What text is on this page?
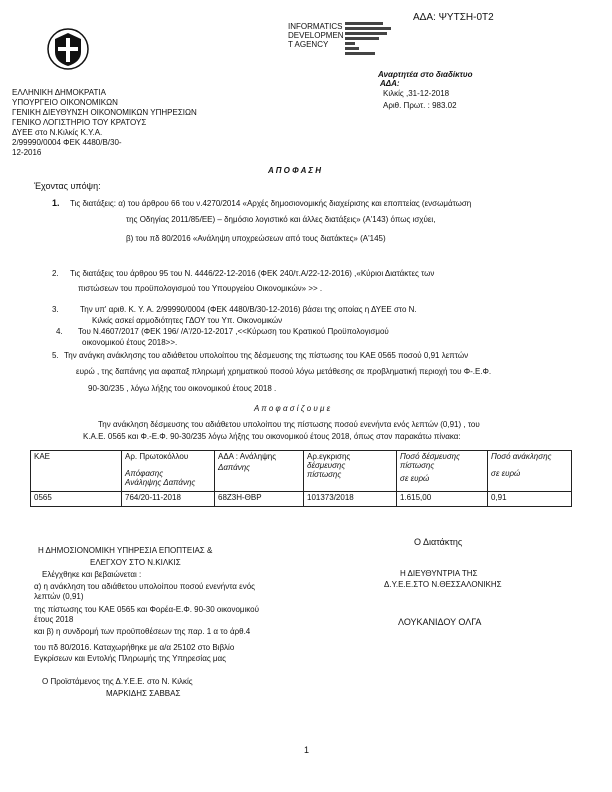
ΑΔΑ: ΨΥΤΣΗ-0Τ2
INFORMATICS
DEVELOPMEN
T AGENCY
Αναρτητέα στο διαδίκτυο
ΑΔΑ:
Κιλκίς ,31-12-2018
Αριθ. Πρωτ. : 983.02
ΕΛΛΗΝΙΚΗ ΔΗΜΟΚΡΑΤΙΑ
ΥΠΟΥΡΓΕΙΟ ΟΙΚΟΝΟΜΙΚΩΝ
ΓΕΝΙΚΗ ΔΙΕΥΘΥΝΣΗ ΟΙΚΟΝΟΜΙΚΩΝ ΥΠΗΡΕΣΙΩΝ
ΓΕΝΙΚΟ ΛΟΓΙΣΤΗΡΙΟ ΤΟΥ ΚΡΑΤΟΥΣ
ΔΥΕΕ στο Ν.Κιλκίς Κ.Υ.Α.
2/99990/0004 ΦΕΚ 4480/Β/30-
12-2016
Α Π Ο Φ Α Σ Η
Έχοντας υπόψη:
1. Τις διατάξεις: α) του άρθρου 66 του ν.4270/2014 «Αρχές δημοσιονομικής διαχείρισης και εποπτείας (ενσωμάτωση
της Οδηγίας 2011/85/ΕΕ) – δημόσιο λογιστικό και άλλες διατάξεις» (Α'143) όπως ισχύει,
β) του πδ 80/2016 «Ανάληψη υποχρεώσεων από τους διατάκτες» (Α'145)
2. Τις διατάξεις του άρθρου 95 του Ν. 4446/22-12-2016 (ΦΕΚ 240/τ.Α/22-12-2016) ,«Κύριοι Διατάκτες των
πιστώσεων του προϋπολογισμού του Υπουργείου Οικονομικών» >> .
3.	Την υπ' αριθ. Κ. Υ. Α. 2/99990/0004 (ΦΕΚ 4480/Β/30-12-2016) βάσει της οποίας η ΔΥΕΕ στο Ν.
Κιλκίς ασκεί αρμοδιότητες ΓΔΟΥ του Υπ. Οικονομικών
4. Του Ν.4607/2017 (ΦΕΚ 196/ /Α'/20-12-2017 ,<<Κύρωση του Κρατικού Προϋπολογισμού
οικονομικού έτους 2018>>.
5. Την ανάγκη ανάκλησης του αδιάθετου υπολοίπου της δέσμευσης της πίστωσης του ΚΑΕ 0565 ποσού 0,91 λεπτών
ευρώ , της δαπάνης για αφαπαξ πληρωμή χρηματικού ποσού λόγω μετάθεσης σε προβληματική περιοχή του Φ-.Ε.Φ.
90-30/235 , λόγω λήξης του οικονομικού έτους 2018 .
Α π ο φ α σ ί ζ ο υ μ ε
Την ανάκληση δέσμευσης του αδιάθετου υπολοίπου της πίστωσης ποσού ενενήντα ενός λεπτών (0,91) , του
Κ.Α.Ε. 0565 και Φ.-Ε.Φ. 90-30/235 λόγω λήξης του οικονομικού έτους 2018, όπως στον παρακάτω πίνακα:
ΚΑΕ	Αρ. Πρωτοκόλλου
Απόφασης
Ανάληψης Δαπάνης	ΑΔΑ : Ανάληψης
Δαπάνης	Αρ.εγκρισης
δέσμευσης
πίστωσης	Ποσό δέσμευσης
πίστωσης
σε ευρώ	Ποσό ανάκλησης
σε ευρώ

0565	764/20-11-2018	68Ζ3Η-ΘΒΡ	101373/2018	1.615,00	0,91
Ο Διατάκτης
Η ΔΙΕΥΘΥΝΤΡΙΑ ΤΗΣ
Δ.Υ.Ε.Ε.ΣΤΟ Ν.ΘΕΣΣΑΛΟΝΙΚΗΣ
ΛΟΥΚΑΝΙΔΟΥ ΟΛΓΑ
Η ΔΗΜΟΣΙΟΝΟΜΙΚΗ ΥΠΗΡΕΣΙΑ ΕΠΟΠΤΕΙΑΣ &
ΕΛΕΓΧΟΥ ΣΤΟ Ν.ΚΙΛΚΙΣ
Ελέγχθηκε και βεβαιώνεται :
α) η ανάκληση του αδιάθετου υπολοίπου ποσού ενενήντα ενός
λεπτών (0,91)
της πίστωσης του ΚΑΕ 0565 και Φορέα-Ε.Φ. 90-30 οικονομικού
έτους 2018
και β) η συνδρομή των προϋποθέσεων της παρ. 1 α το άρθ.4
του πδ 80/2016. Καταχωρήθηκε με α/α 25102 στο Βιβλίο
Εγκρίσεων και Εντολής Πληρωμής της Υπηρεσίας μας
Ο Προϊστάμενος της Δ.Υ.Ε.Ε. στο Ν. Κιλκίς
ΜΑΡΚΙΔΗΣ ΣΑΒΒΑΣ
1
